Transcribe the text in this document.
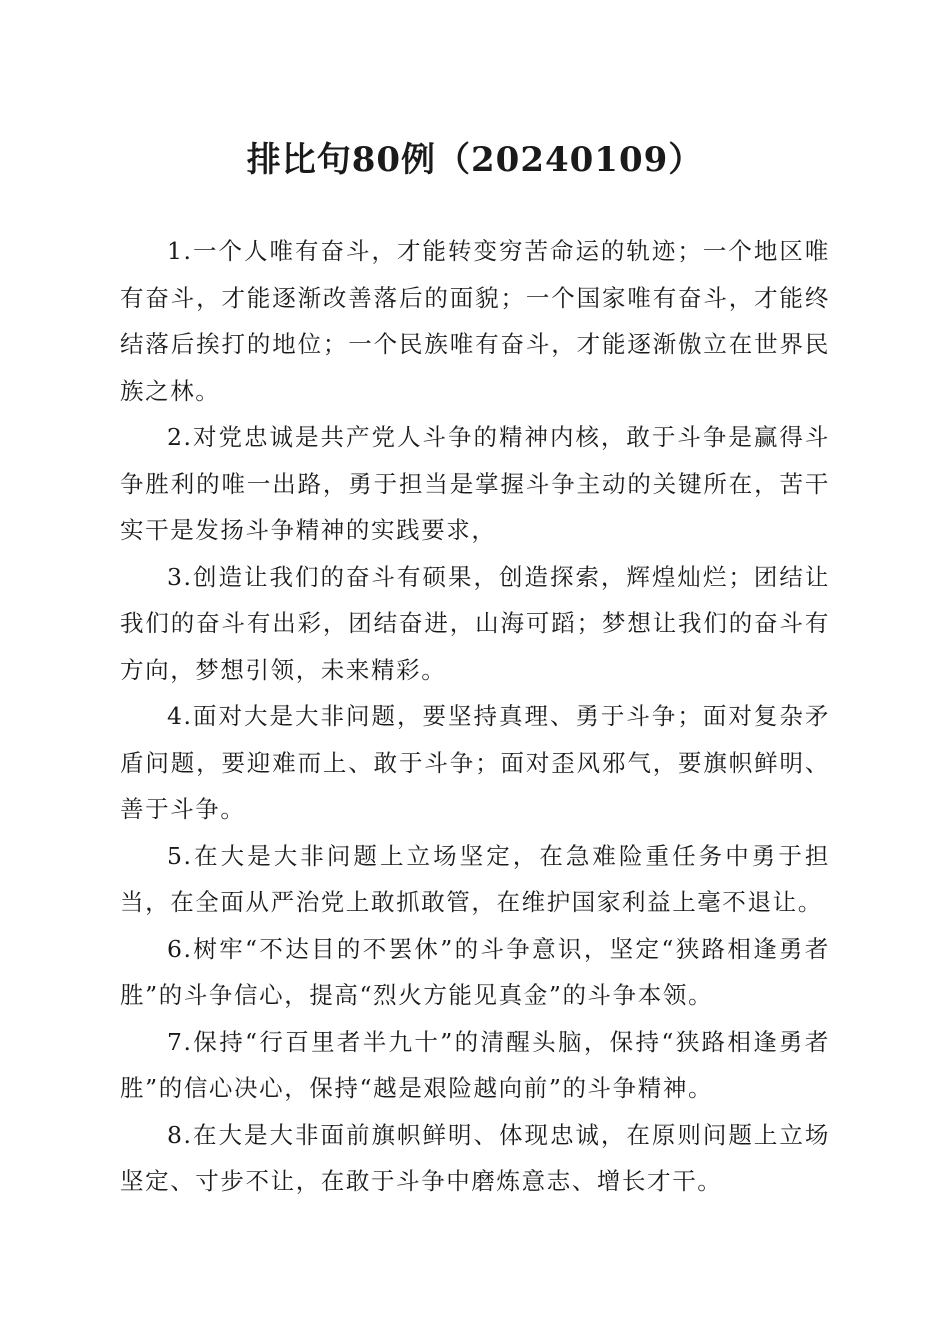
排比句80例（20240109）

1.一个人唯有奋斗，才能转变穷苦命运的轨迹；一个地区唯有奋斗，才能逐渐改善落后的面貌；一个国家唯有奋斗，才能终结落后挨打的地位；一个民族唯有奋斗，才能逐渐傲立在世界民族之林。

2.对党忠诚是共产党人斗争的精神内核，敢于斗争是赢得斗争胜利的唯一出路，勇于担当是掌握斗争主动的关键所在，苦干实干是发扬斗争精神的实践要求，

3.创造让我们的奋斗有硕果，创造探索，辉煌灿烂；团结让我们的奋斗有出彩，团结奋进，山海可蹈；梦想让我们的奋斗有方向，梦想引领，未来精彩。

4.面对大是大非问题，要坚持真理、勇于斗争；面对复杂矛盾问题，要迎难而上、敢于斗争；面对歪风邪气，要旗帜鲜明、善于斗争。

5.在大是大非问题上立场坚定，在急难险重任务中勇于担当，在全面从严治党上敢抓敢管，在维护国家利益上毫不退让。

6.树牢“不达目的不罢休”的斗争意识，坚定“狭路相逢勇者胜”的斗争信心，提高“烈火方能见真金”的斗争本领。

7.保持“行百里者半九十”的清醒头脑，保持“狭路相逢勇者胜”的信心决心，保持“越是艰险越向前”的斗争精神。

8.在大是大非面前旗帜鲜明、体现忠诚，在原则问题上立场坚定、寸步不让，在敢于斗争中磨炼意志、增长才干。
